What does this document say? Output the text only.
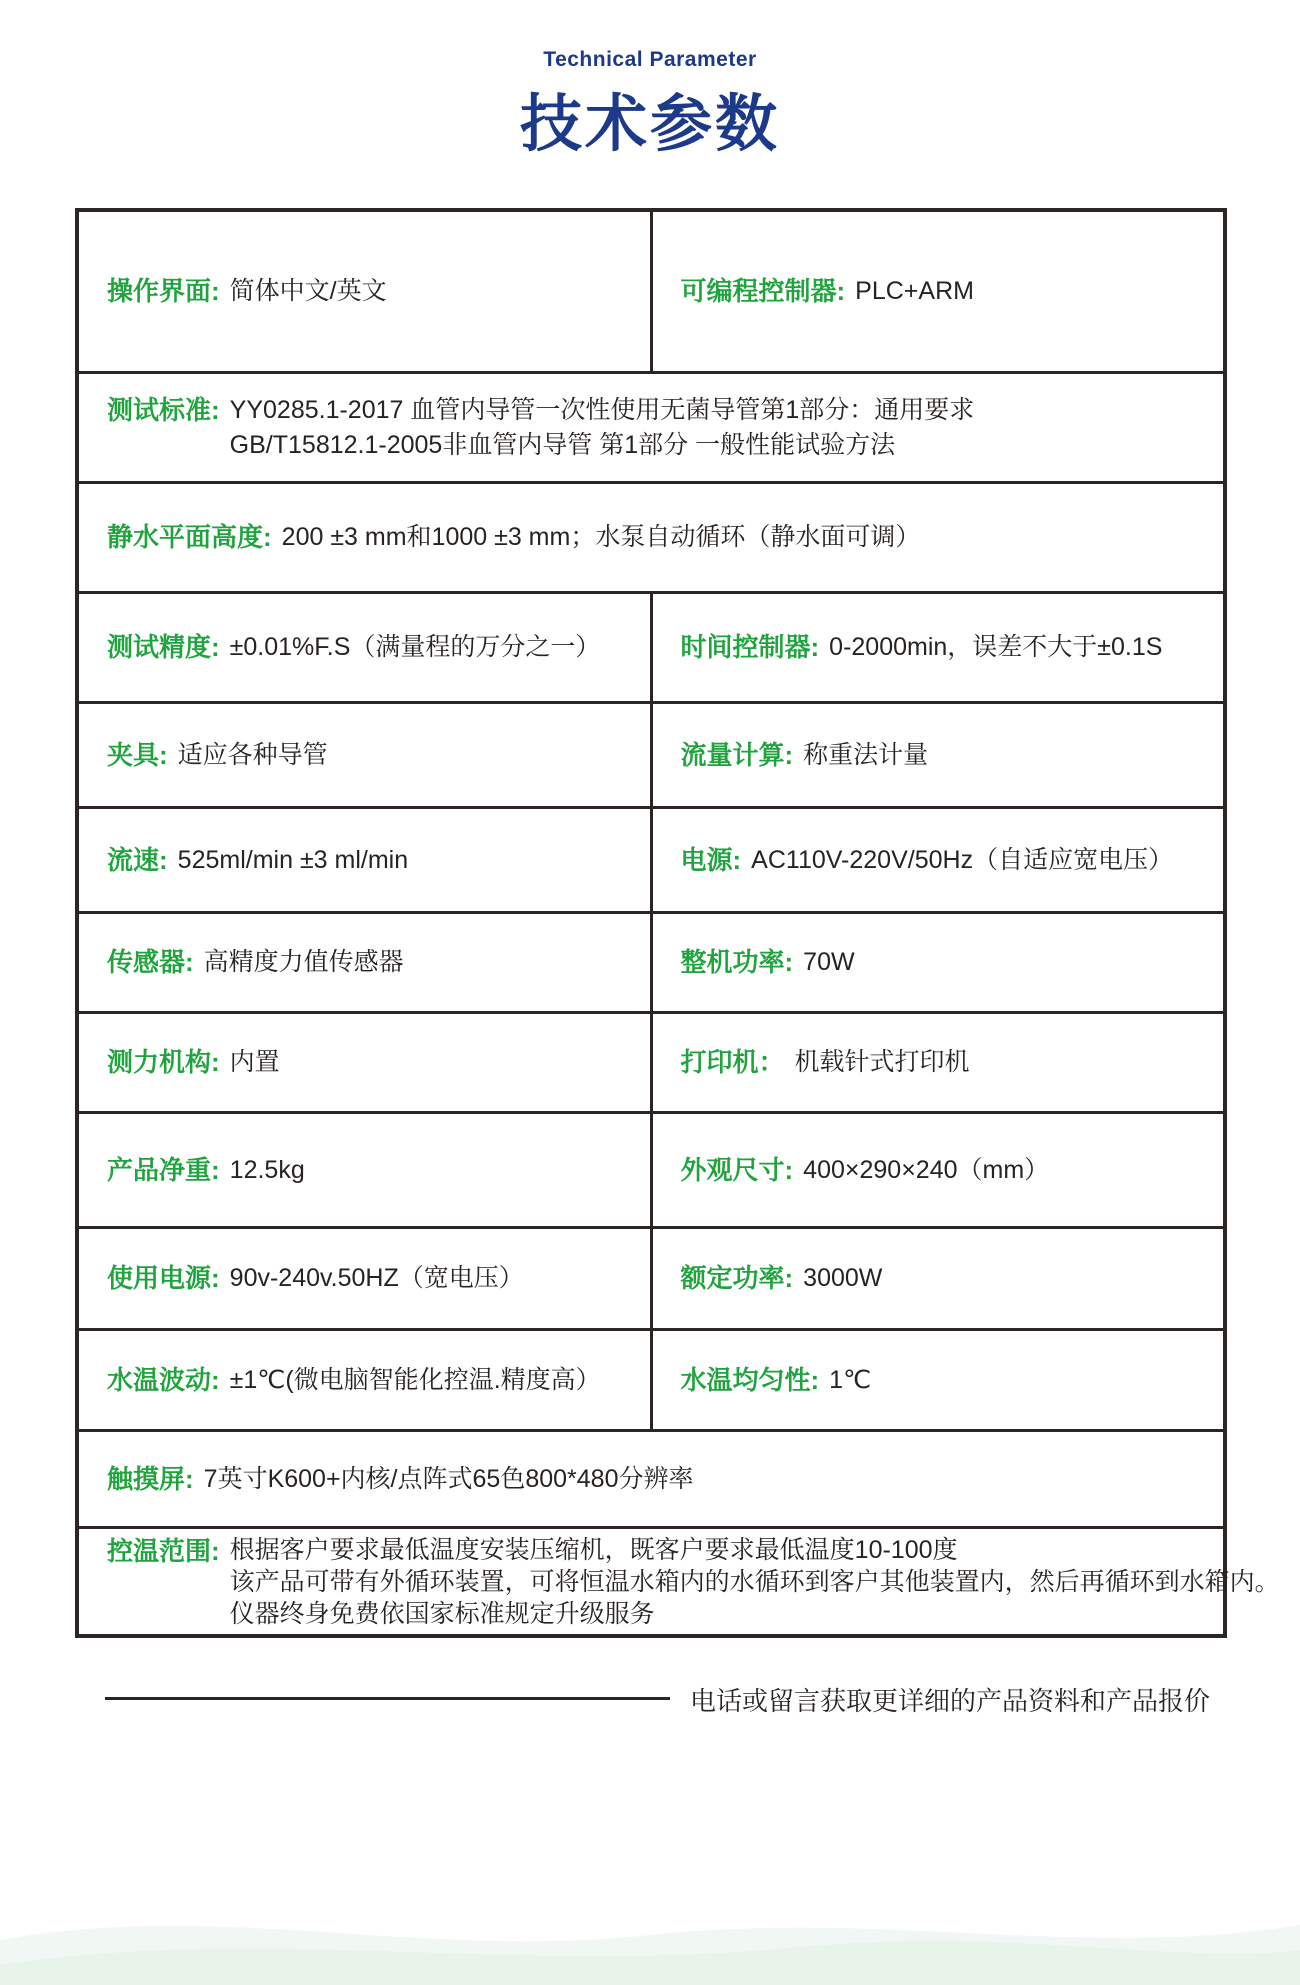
Technical Parameter
技术参数
操作界面: 简体中文/英文	可编程控制器: PLC+ARM
测试标准: YY0285.1-2017 血管内导管一次性使用无菌导管第1部分：通用要求
GB/T15812.1-2005非血管内导管 第1部分 一般性能试验方法
静水平面高度: 200 ±3 mm和1000 ±3 mm；水泵自动循环（静水面可调）
测试精度: ±0.01%F.S（满量程的万分之一）	时间控制器: 0-2000min，误差不大于±0.1S
夹具: 适应各种导管	流量计算: 称重法计量
流速: 525ml/min ±3 ml/min	电源: AC110V-220V/50Hz（自适应宽电压）
传感器: 高精度力值传感器	整机功率: 70W
测力机构: 内置	打印机： 机载针式打印机
产品净重: 12.5kg	外观尺寸: 400×290×240（mm）
使用电源: 90v-240v.50HZ（宽电压）	额定功率: 3000W
水温波动: ±1℃(微电脑智能化控温.精度高）	水温均匀性: 1℃
触摸屏: 7英寸K600+内核/点阵式65色800*480分辨率
控温范围: 根据客户要求最低温度安装压缩机，既客户要求最低温度10-100度
该产品可带有外循环装置，可将恒温水箱内的水循环到客户其他装置内，然后再循环到水箱内。
仪器终身免费依国家标准规定升级服务
电话或留言获取更详细的产品资料和产品报价
